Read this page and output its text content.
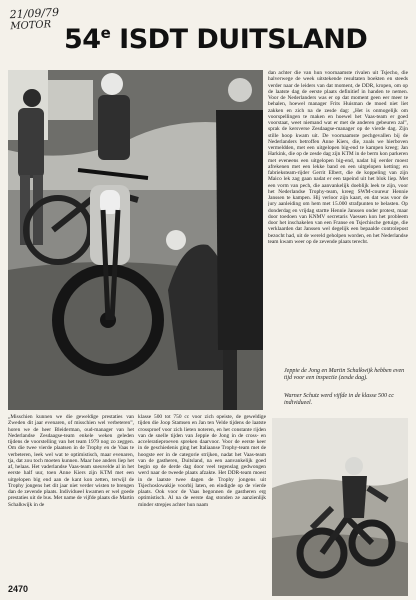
21/09/79
MOTOR 54e ISDT DUITSLAND

dan achter die van hun voornaamste rivalen uit Tsjecho, die halverwege de week uitstekende resultaten boekten en steeds verder naar de leiders van dat moment, de DDR, kropen, om op de laatste dag de eerste plaats definitief in handen te nemen. Voor de Nederlanders was er op dat moment geen eer meer te behalen, hoewel manager Frits Huisman de moed niet liet zakken en zich na de zesde dag: „Het is onmogelijk om voorspellingen te maken en hoewel het Vaas-team er goed voorstaat, weet niemand wat er met de anderen gebeuren zal”, sprak de kersverse Zesdaagse-manager op de vierde dag. Zijn stille hoop kwam uit. De voornaamste pechgevallen bij de Nederlanders betroffen Anne Kiers, die, zoals we hierboven vermeldden, met een uitgelopen big-end te kampen kreeg; Jan Harkink, die op de zesde dag zijn KTM in de berm kon parkeren met eveneens een uitgelopen big-end, nadat hij eerder moest afrekenen met een lekke band en een uitgelopen ketting; en fabrieksteam-rijder Gerrit Elbert, die de koppeling van zijn Maico lek zag gaan nadat er een tapeind uit het blok liep. Met een vorm van pech, die aanvankelijk doeblijk leek te zijn, voor het Nederlandse Trophy-team, kreeg SWM-coureur Hennie Janssen te kampen. Hij verloor zijn kaart, en dat was voor de jury aanleiding om hem met 15.000 strafpunten te belasten. Op donderdag en vrijdag startte Hennie Janssen onder protest, maar door toedoen van KNMV secretaris Vaessen kon het probleem door het inschakelen van een Franse en Tsjechische getuige, die verklaarden dat Janssen wel degelijk een bepaalde controlepost bezocht had, uit de wereld geholpen worden, en het Nederlandse team kwam weer op de zevende plaats terecht.

Jeppie de Jong en Martin Schalkwijk hebben even tijd voor een inspectie (zesde dag).
Warner Schutz werd vijfde in de klasse 500 cc individueel.

„Misschien kunnen we die geweldige prestaties van Zweden dit jaar evenaren, of misschien wel verbeteren”, horen we de heer Bleiderman, oud-manager van het Nederlandse Zesdaagse-team enkele weken geleden tijdens de voorstelling van het team 1979 nog zo zeggen. Om die twee vierde plaatsen in de Trophy en de Vaas te verbeteren, leek wel wat te optimistisch, maar evenaren, tja, dat zou toch moeten kunnen. Maar hoe anders liep het af, helaas. Het vaderlandse Vaas-team sneuvelde al in het eerste half uur, toen Anne Kiers zijn KTM met een uitgelopen big end aan de kant kon zetten, terwijl de Trophy jongens het dit jaar niet verder wisten te brengen dan de zevende plaats. Individueel kwamen er wel goede prestaties uit de bus. Met name de vijfde plaats die Martin Schalkwijk in de

klasse 500 tot 750 cc voor zich opeiste, de geweldige tijden die Joop Stamsen en Jan ten Velde tijdens de laatste crossproef voor zich lieten noteren, en het constante rijden van de snelle tijden van Jeppie de Jong in de cross- en acceleratieproeven spreken daarvoor. Voor de eerste keer in de geschiedenis ging het Italiaanse Trophy-team met de hoogste eer in de categorie strijken, nadat het Vaas-team van de gastheren, Duitsland, na een aanvankelijk goed begin op de derde dag door veel tegenslag gedwongen werd naar de tweede plaats afzakte. Het DDR-team moest in de laatste twee dagen de Trophy jongens uit Tsjechoslowakije voorbij laten, en eindigde op de vierde plaats. Ook voor de Vaas begonnen de gastheren erg optimistisch. Al na de eerste dag stonden ze aanzienlijk minder strepjes achter hun naam

2470
